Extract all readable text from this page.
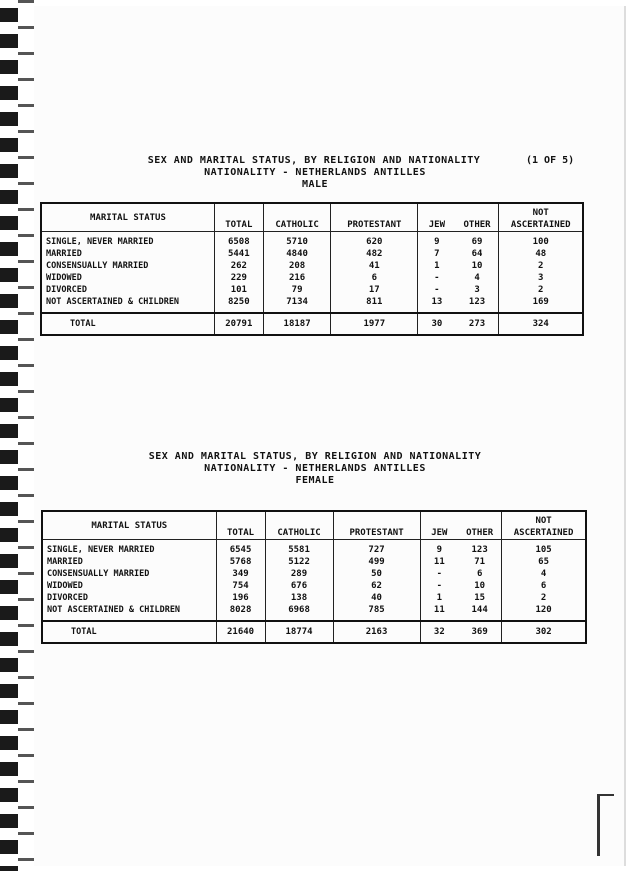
(1 OF 5)
SEX AND MARITAL STATUS, BY RELIGION AND NATIONALITY
NATIONALITY - NETHERLANDS ANTILLES
MALE
MARITAL STATUS	TOTAL	CATHOLIC	PROTESTANT	JEW	OTHER	NOT ASCERTAINED
SINGLE, NEVER MARRIED	6508	5710	620	9	69	100
MARRIED	5441	4840	482	7	64	48
CONSENSUALLY MARRIED	262	208	41	1	10	2
WIDOWED	229	216	6	-	4	3
DIVORCED	101	79	17	-	3	2
NOT ASCERTAINED & CHILDREN	8250	7134	811	13	123	169
TOTAL	20791	18187	1977	30	273	324
SEX AND MARITAL STATUS, BY RELIGION AND NATIONALITY
NATIONALITY - NETHERLANDS ANTILLES
FEMALE
MARITAL STATUS	TOTAL	CATHOLIC	PROTESTANT	JEW	OTHER	NOT ASCERTAINED
SINGLE, NEVER MARRIED	6545	5581	727	9	123	105
MARRIED	5768	5122	499	11	71	65
CONSENSUALLY MARRIED	349	289	50	-	6	4
WIDOWED	754	676	62	-	10	6
DIVORCED	196	138	40	1	15	2
NOT ASCERTAINED & CHILDREN	8028	6968	785	11	144	120
TOTAL	21640	18774	2163	32	369	302
